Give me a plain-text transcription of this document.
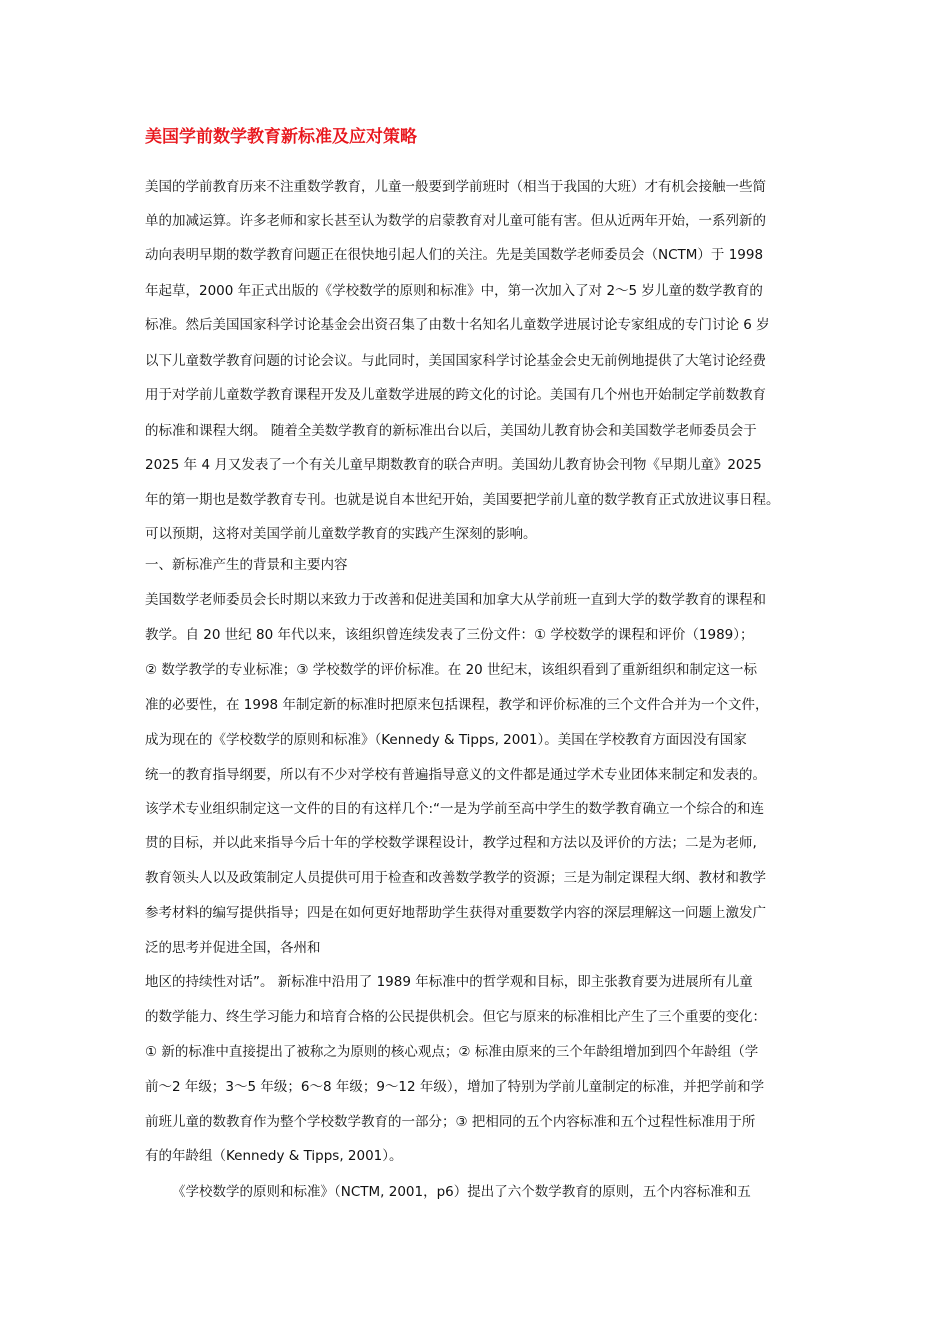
美国学前数学教育新标准及应对策略
美国的学前教育历来不注重数学教育，儿童一般要到学前班时（相当于我国的大班）才有机会接触一些简
单的加减运算。许多老师和家长甚至认为数学的启蒙教育对儿童可能有害。但从近两年开始，一系列新的
动向表明早期的数学教育问题正在很快地引起人们的关注。先是美国数学老师委员会（NCTM）于 1998
年起草，2000 年正式出版的《学校数学的原则和标准》中，第一次加入了对 2～5 岁儿童的数学教育的
标准。然后美国国家科学讨论基金会出资召集了由数十名知名儿童数学进展讨论专家组成的专门讨论 6 岁
以下儿童数学教育问题的讨论会议。与此同时，美国国家科学讨论基金会史无前例地提供了大笔讨论经费
用于对学前儿童数学教育课程开发及儿童数学进展的跨文化的讨论。美国有几个州也开始制定学前数教育
的标准和课程大纲。 随着全美数学教育的新标准出台以后，美国幼儿教育协会和美国数学老师委员会于
2025 年 4 月又发表了一个有关儿童早期数教育的联合声明。美国幼儿教育协会刊物《早期儿童》2025
年的第一期也是数学教育专刊。也就是说自本世纪开始，美国要把学前儿童的数学教育正式放进议事日程。
可以预期，这将对美国学前儿童数学教育的实践产生深刻的影响。
一、新标准产生的背景和主要内容
美国数学老师委员会长时期以来致力于改善和促进美国和加拿大从学前班一直到大学的数学教育的课程和
教学。自 20 世纪 80 年代以来，该组织曾连续发表了三份文件：① 学校数学的课程和评价（1989）；
② 数学教学的专业标准；③ 学校数学的评价标准。在 20 世纪末，该组织看到了重新组织和制定这一标
准的必要性，在 1998 年制定新的标准时把原来包括课程，教学和评价标准的三个文件合并为一个文件，
成为现在的《学校数学的原则和标准》（Kennedy & Tipps, 2001）。美国在学校教育方面因没有国家
统一的教育指导纲要，所以有不少对学校有普遍指导意义的文件都是通过学术专业团体来制定和发表的。
该学术专业组织制定这一文件的目的有这样几个:“一是为学前至高中学生的数学教育确立一个综合的和连
贯的目标，并以此来指导今后十年的学校数学课程设计，教学过程和方法以及评价的方法；二是为老师,
教育领头人以及政策制定人员提供可用于检查和改善数学教学的资源；三是为制定课程大纲、教材和教学
参考材料的编写提供指导；四是在如何更好地帮助学生获得对重要数学内容的深层理解这一问题上激发广
泛的思考并促进全国，各州和
地区的持续性对话”。 新标准中沿用了 1989 年标准中的哲学观和目标，即主张教育要为进展所有儿童
的数学能力、终生学习能力和培育合格的公民提供机会。但它与原来的标准相比产生了三个重要的变化：
① 新的标准中直接提出了被称之为原则的核心观点；② 标准由原来的三个年龄组增加到四个年龄组（学
前～2 年级；3～5 年级；6～8 年级；9～12 年级），增加了特别为学前儿童制定的标准，并把学前和学
前班儿童的数教育作为整个学校数学教育的一部分；③ 把相同的五个内容标准和五个过程性标准用于所
有的年龄组（Kennedy & Tipps, 2001）。
《学校数学的原则和标准》（NCTM, 2001，p6）提出了六个数学教育的原则，五个内容标准和五
